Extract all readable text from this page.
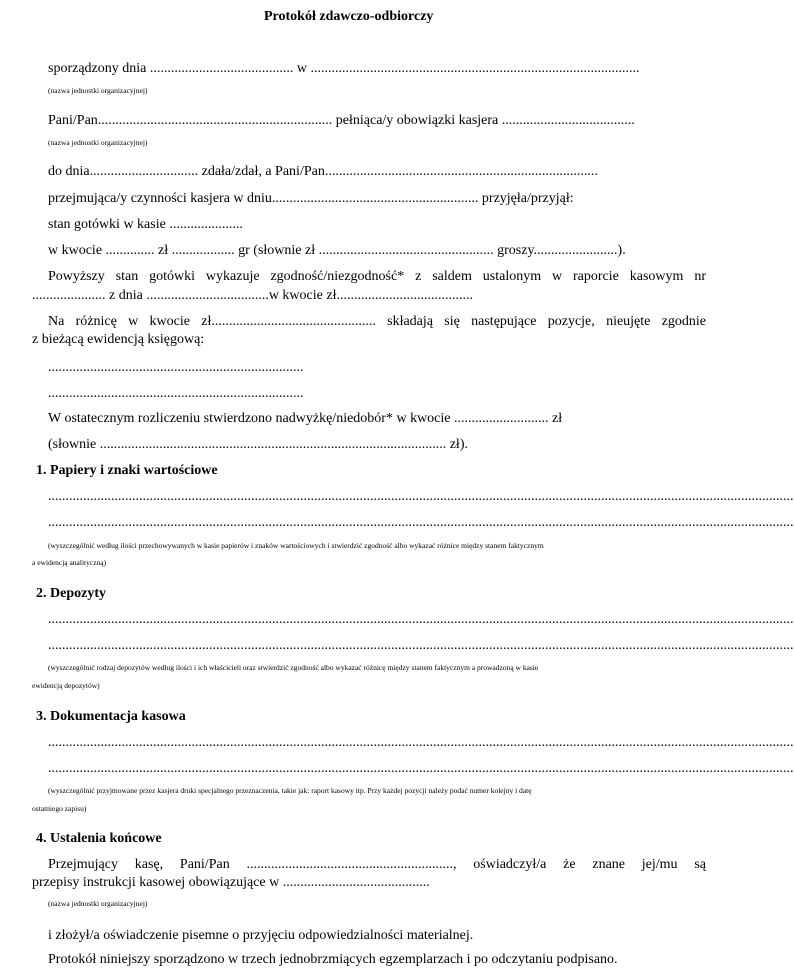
Protokół zdawczo-odbiorczy
sporządzony dnia ......................................... w ..............................................................................................
(nazwa jednostki organizacyjnej)
Pani/Pan................................................................... pełniąca/y obowiązki kasjera ......................................
(nazwa jednostki organizacyjnej)
do dnia............................... zdała/zdał, a Pani/Pan..............................................................................
przejmująca/y czynności kasjera w dniu........................................................... przyjęła/przyjął:
stan gotówki w kasie .....................
w kwocie .............. zł .................. gr (słownie zł .................................................. groszy........................).
Powyższy stan gotówki wykazuje zgodność/niezgodność* z saldem ustalonym w raporcie kasowym nr
..................... z dnia ...................................w kwocie zł.......................................
Na różnicę w kwocie zł............................................... składają się następujące pozycje, nieujęte zgodnie
z bieżącą ewidencją księgową:
.........................................................................
.........................................................................
W ostatecznym rozliczeniu stwierdzono nadwyżkę/niedobór* w kwocie ........................... zł
(słownie ................................................................................................... zł).
1. Papiery i znaki wartościowe
.....................................................................................................................................................................................................................
.....................................................................................................................................................................................................................
(wyszczególnić według ilości przechowywanych w kasie papierów i znaków wartościowych i stwierdzić zgodność albo wykazać różnice między stanem faktycznym
a ewidencją analityczną)
2. Depozyty
.....................................................................................................................................................................................................................
.....................................................................................................................................................................................................................
(wyszczególnić rodzaj depozytów według ilości i ich właścicieli oraz stwierdzić zgodność albo wykazać różnicę między stanem faktycznym a prowadzoną w kasie
ewidencją depozytów)
3. Dokumentacja kasowa
.....................................................................................................................................................................................................................
.....................................................................................................................................................................................................................
(wyszczególnić przyjmowane przez kasjera druki specjalnego przeznaczenia, takie jak: raport kasowy itp. Przy każdej pozycji należy podać numer kolejny i datę
ostatniego zapisu)
4. Ustalenia końcowe
Przejmujący kasę, Pani/Pan ..........................................................., oświadczył/a że znane jej/mu są
przepisy instrukcji kasowej obowiązujące w ..........................................
(nazwa jednostki organizacyjnej)
i złożył/a oświadczenie pisemne o przyjęciu odpowiedzialności materialnej.
Protokół niniejszy sporządzono w trzech jednobrzmiących egzemplarzach i po odczytaniu podpisano.
